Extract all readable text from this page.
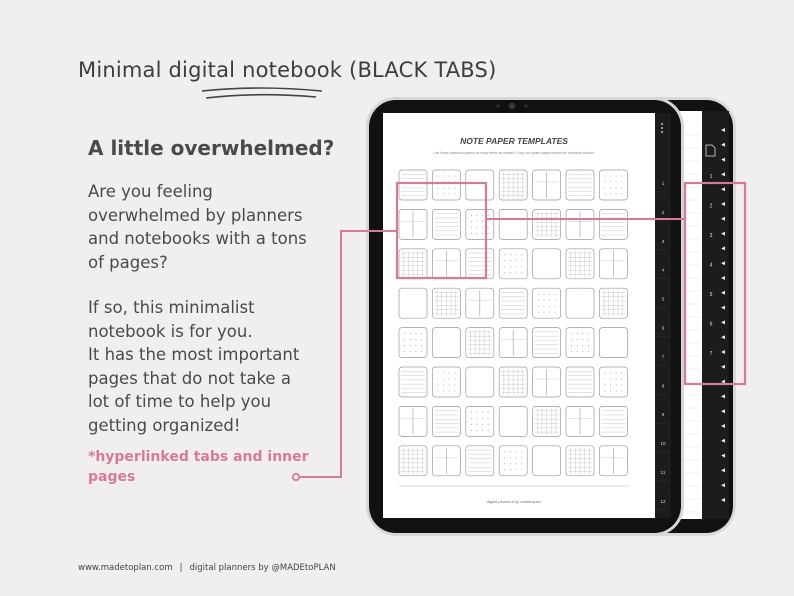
Minimal digital notebook (BLACK TABS)
A little overwhelmed?

Are you feeling
overwhelmed by planners
and notebooks with a tons
of pages?

If so, this minimalist
notebook is for you.
It has the most important
pages that do not take a
lot of time to help you
getting organized!

*hyperlinked tabs and inner
pages
www.madetoplan.com | digital planners by @MADEtoPLAN
1
2
3
4
5
6
7
NOTE PAPER TEMPLATES
Use these notebook papers as many times as needed. Copy and paste pages behind the notebook section.
digital planners by madetoplan
1
2
3
4
5
6
7
8
9
10
11
12
